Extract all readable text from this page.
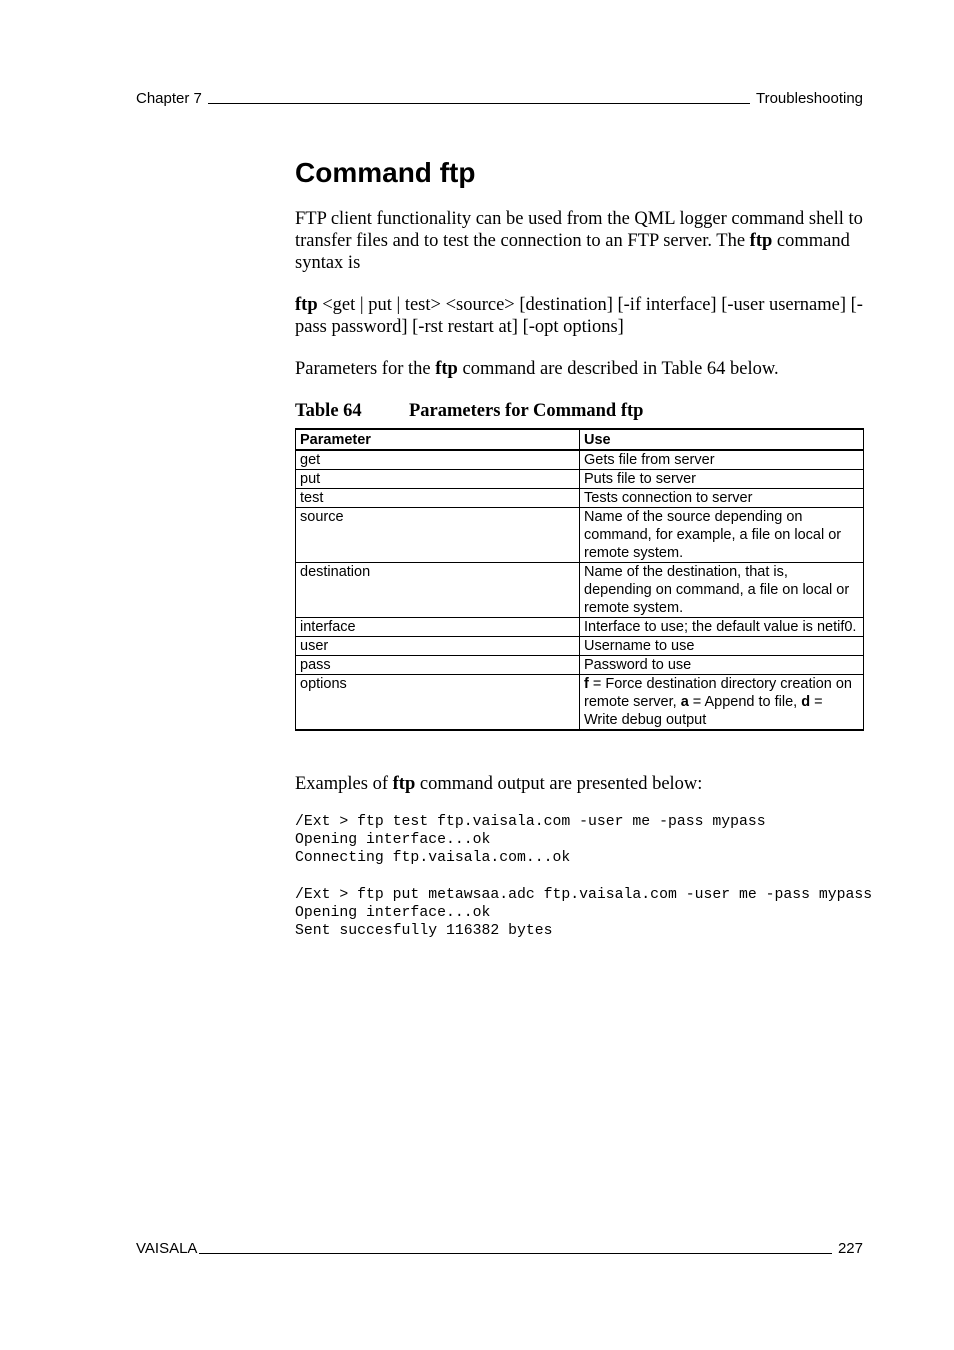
Chapter 7	Troubleshooting
Command ftp

FTP client functionality can be used from the QML logger command shell to transfer files and to test the connection to an FTP server. The ftp command syntax is

ftp <get | put | test> <source> [destination] [-if interface] [-user username] [-pass password] [-rst restart at] [-opt options]

Parameters for the ftp command are described in Table 64 below.

Table 64	Parameters for Command ftp
Parameter	Use
get	Gets file from server
put	Puts file to server
test	Tests connection to server
source	Name of the source depending on command, for example, a file on local or remote system.
destination	Name of the destination, that is, depending on command, a file on local or remote system.
interface	Interface to use; the default value is netif0.
user	Username to use
pass	Password to use
options	f = Force destination directory creation on remote server, a = Append to file, d = Write debug output

Examples of ftp command output are presented below:

/Ext > ftp test ftp.vaisala.com -user me -pass mypass
Opening interface...ok
Connecting ftp.vaisala.com...ok
/Ext > ftp put metawsaa.adc ftp.vaisala.com -user me -pass mypass
Opening interface...ok
Sent succesfully 116382 bytes
VAISALA	227
